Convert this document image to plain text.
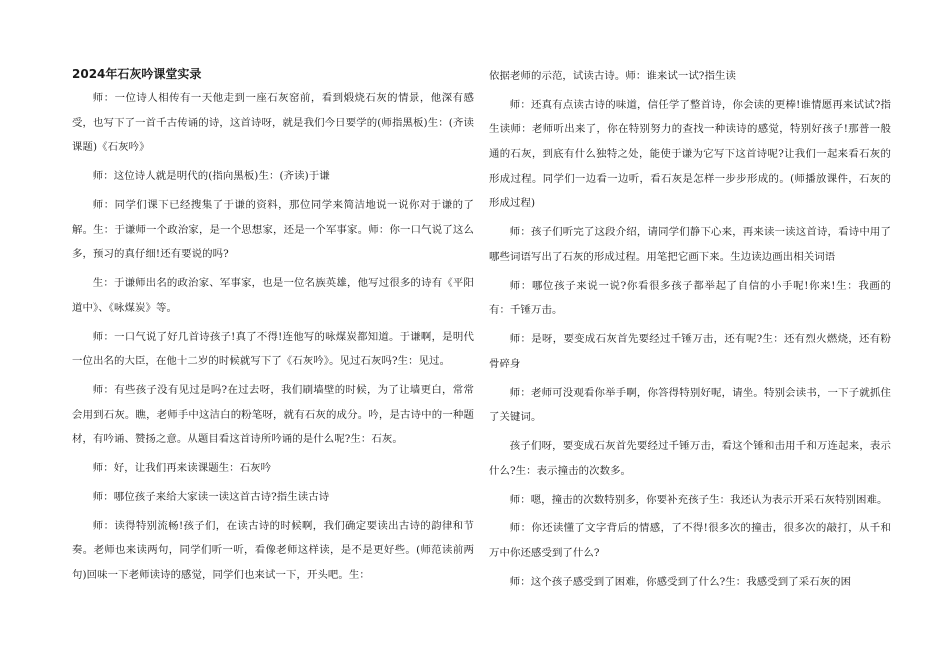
2024年石灰吟课堂实录

师：一位诗人相传有一天他走到一座石灰窑前，看到煅烧石灰的情景，他深有感受，也写下了一首千古传诵的诗，这首诗呀，就是我们今日要学的(师指黑板)生：(齐读课题)《石灰吟》

师：这位诗人就是明代的(指向黑板)生：(齐读)于谦

师：同学们课下已经搜集了于谦的资料，那位同学来简洁地说一说你对于谦的了解。生：于谦师一个政治家，是一个思想家，还是一个军事家。师：你一口气说了这么多，预习的真仔细!还有要说的吗?

生：于谦师出名的政治家、军事家，也是一位名族英雄，他写过很多的诗有《平阳道中》、《咏煤炭》等。

师：一口气说了好几首诗孩子!真了不得!连他写的咏煤炭都知道。于谦啊，是明代一位出名的大臣，在他十二岁的时候就写下了《石灰吟》。见过石灰吗?生：见过。

师：有些孩子没有见过是吗?在过去呀，我们刷墙壁的时候，为了让墙更白，常常会用到石灰。瞧，老师手中这洁白的粉笔呀，就有石灰的成分。吟，是古诗中的一种题材，有吟诵、赞扬之意。从题目看这首诗所吟诵的是什么呢?生：石灰。

师：好，让我们再来读课题生：石灰吟

师：哪位孩子来给大家读一读这首古诗?指生读古诗

师：读得特别流畅!孩子们，在读古诗的时候啊，我们确定要读出古诗的韵律和节奏。老师也来读两句，同学们听一听，看像老师这样读，是不是更好些。(师范读前两句)回味一下老师读诗的感觉，同学们也来试一下，开头吧。生：

依据老师的示范，试读古诗。师：谁来试一试?指生读

师：还真有点读古诗的味道，信任学了整首诗，你会读的更棒!谁情愿再来试试?指生读师：老师听出来了，你在特别努力的查找一种读诗的感觉，特别好孩子!那普一般通的石灰，到底有什么独特之处，能使于谦为它写下这首诗呢?让我们一起来看石灰的形成过程。同学们一边看一边听，看石灰是怎样一步步形成的。(师播放课件，石灰的形成过程)

师：孩子们听完了这段介绍，请同学们静下心来，再来读一读这首诗，看诗中用了哪些词语写出了石灰的形成过程。用笔把它画下来。生边读边画出相关词语

师：哪位孩子来说一说?你看很多孩子都举起了自信的小手呢!你来!生：我画的有：千锤万击。

师：是呀，要变成石灰首先要经过千锤万击，还有呢?生：还有烈火燃烧，还有粉骨碎身

师：老师可没观看你举手啊，你答得特别好呢，请坐。特别会读书，一下子就抓住了关键词。

孩子们呀，要变成石灰首先要经过千锤万击，看这个锤和击用千和万连起来，表示什么?生：表示撞击的次数多。

师：嗯，撞击的次数特别多，你要补充孩子生：我还认为表示开采石灰特别困难。

师：你还读懂了文字背后的情感，了不得!很多次的撞击，很多次的敲打，从千和万中你还感受到了什么?

师：这个孩子感受到了困难，你感受到了什么?生：我感受到了采石灰的困
